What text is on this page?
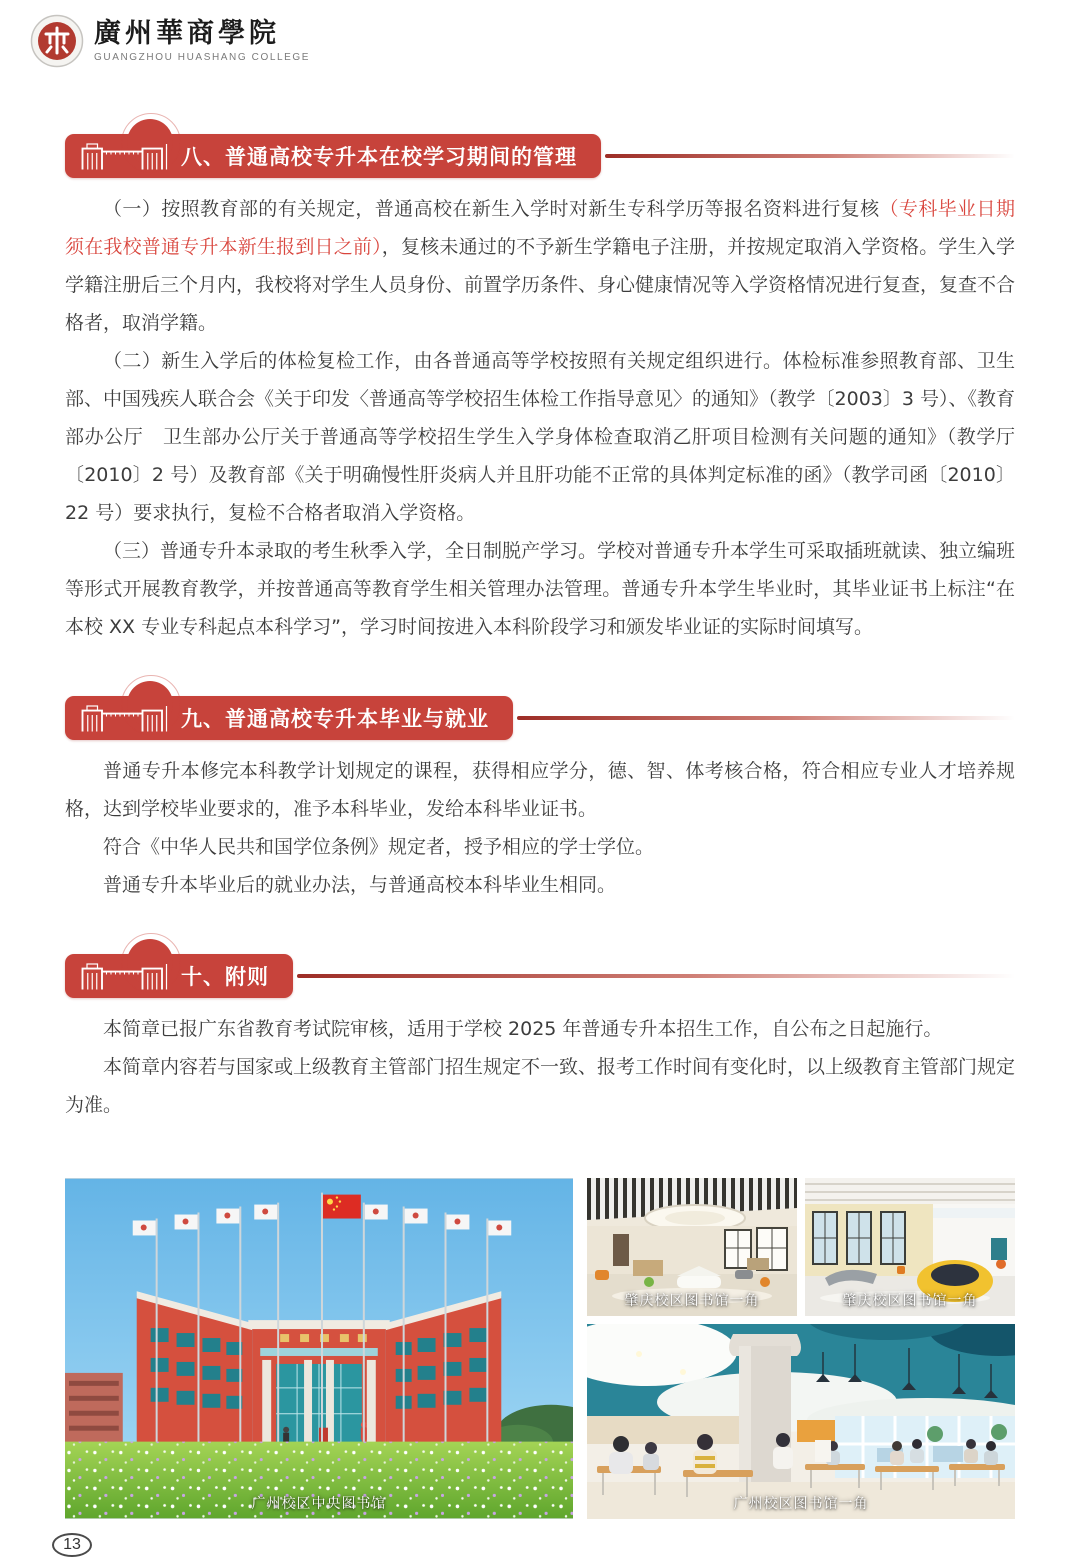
廣州華商學院
GUANGZHOU HUASHANG COLLEGE
八、普通高校专升本在校学习期间的管理

（一）按照教育部的有关规定，普通高校在新生入学时对新生专科学历等报名资料进行复核（专科毕业日期须在我校普通专升本新生报到日之前），复核未通过的不予新生学籍电子注册，并按规定取消入学资格。学生入学学籍注册后三个月内，我校将对学生人员身份、前置学历条件、身心健康情况等入学资格情况进行复查，复查不合格者，取消学籍。

（二）新生入学后的体检复检工作，由各普通高等学校按照有关规定组织进行。体检标准参照教育部、卫生部、中国残疾人联合会《关于印发〈普通高等学校招生体检工作指导意见〉的通知》（教学〔2003〕3 号）、《教育部办公厅　卫生部办公厅关于普通高等学校招生学生入学身体检查取消乙肝项目检测有关问题的通知》（教学厅〔2010〕2 号）及教育部《关于明确慢性肝炎病人并且肝功能不正常的具体判定标准的函》（教学司函〔2010〕22 号）要求执行，复检不合格者取消入学资格。

（三）普通专升本录取的考生秋季入学，全日制脱产学习。学校对普通专升本学生可采取插班就读、独立编班等形式开展教育教学，并按普通高等教育学生相关管理办法管理。普通专升本学生毕业时，其毕业证书上标注“在本校 XX 专业专科起点本科学习”，学习时间按进入本科阶段学习和颁发毕业证的实际时间填写。

九、普通高校专升本毕业与就业

普通专升本修完本科教学计划规定的课程，获得相应学分，德、智、体考核合格，符合相应专业人才培养规格，达到学校毕业要求的，准予本科毕业，发给本科毕业证书。

符合《中华人民共和国学位条例》规定者，授予相应的学士学位。

普通专升本毕业后的就业办法，与普通高校本科毕业生相同。

十、附则

本简章已报广东省教育考试院审核，适用于学校 2025 年普通专升本招生工作，自公布之日起施行。

本简章内容若与国家或上级教育主管部门招生规定不一致、报考工作时间有变化时，以上级教育主管部门规定为准。

广州校区中央图书馆
肇庆校区图书馆一角	肇庆校区图书馆一角
广州校区图书馆一角
13
